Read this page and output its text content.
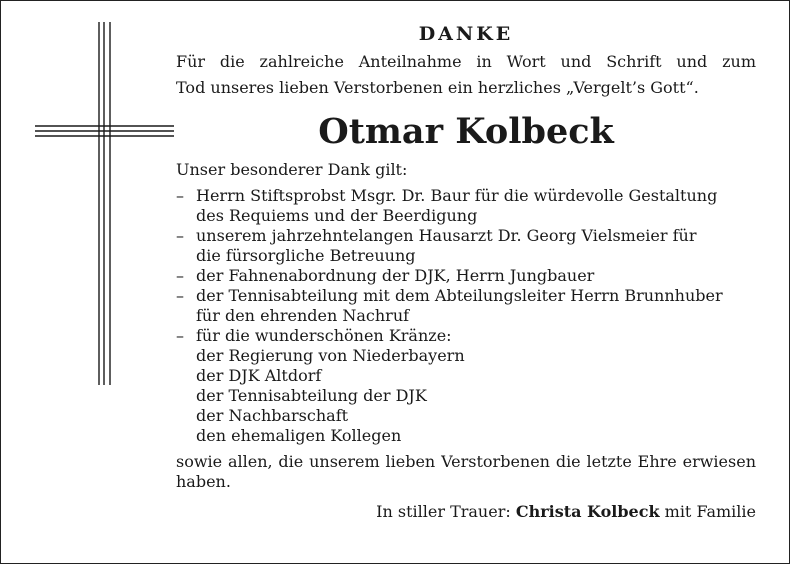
DANKE
Für die zahlreiche Anteilnahme in Wort und Schrift und zum
Tod unseres lieben Verstorbenen ein herzliches „Vergelt’s Gott“.
Otmar Kolbeck
Unser besonderer Dank gilt:
– Herrn Stiftsprobst Msgr. Dr. Baur für die würdevolle Gestaltung
des Requiems und der Beerdigung
– unserem jahrzehntelangen Hausarzt Dr. Georg Vielsmeier für
die fürsorgliche Betreuung
– der Fahnenabordnung der DJK, Herrn Jungbauer
– der Tennisabteilung mit dem Abteilungsleiter Herrn Brunnhuber
für den ehrenden Nachruf
– für die wunderschönen Kränze:
der Regierung von Niederbayern
der DJK Altdorf
der Tennisabteilung der DJK
der Nachbarschaft
den ehemaligen Kollegen
sowie allen, die unserem lieben Verstorbenen die letzte Ehre erwiesen haben.
In stiller Trauer: Christa Kolbeck mit Familie
